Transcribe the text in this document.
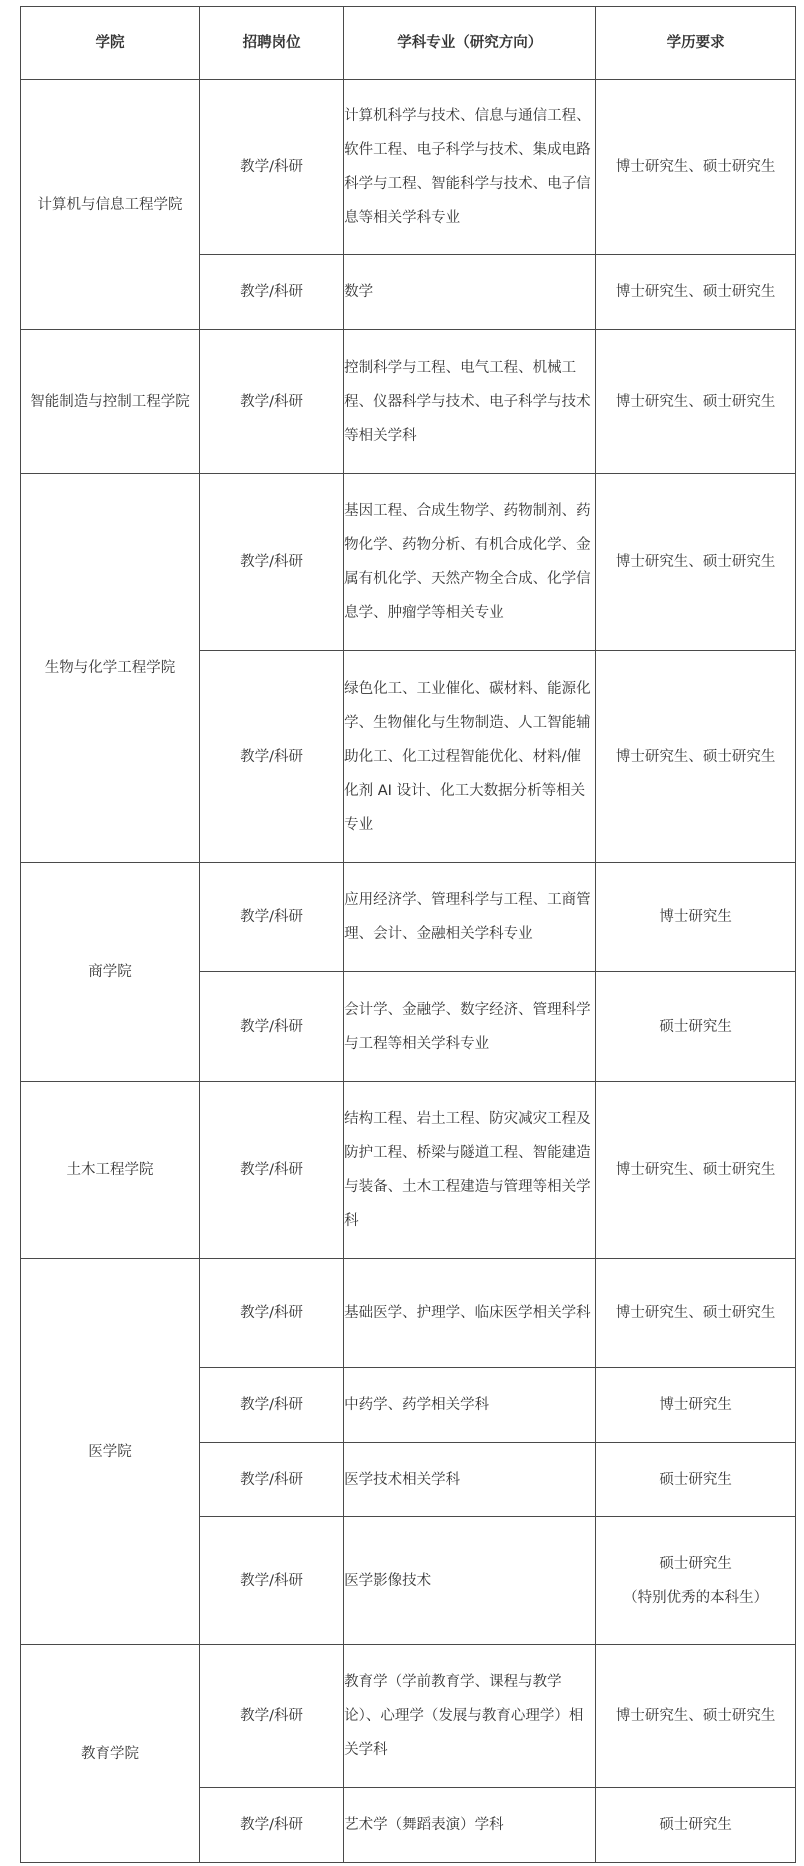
学院	招聘岗位	学科专业（研究方向）	学历要求
计算机与信息工程学院	教学/科研	计算机科学与技术、信息与通信工程、软件工程、电子科学与技术、集成电路科学与工程、智能科学与技术、电子信息等相关学科专业	博士研究生、硕士研究生
	教学/科研	数学	博士研究生、硕士研究生
智能制造与控制工程学院	教学/科研	控制科学与工程、电气工程、机械工程、仪器科学与技术、电子科学与技术等相关学科	博士研究生、硕士研究生
生物与化学工程学院	教学/科研	基因工程、合成生物学、药物制剂、药物化学、药物分析、有机合成化学、金属有机化学、天然产物全合成、化学信息学、肿瘤学等相关专业	博士研究生、硕士研究生
	教学/科研	绿色化工、工业催化、碳材料、能源化学、生物催化与生物制造、人工智能辅助化工、化工过程智能优化、材料/催化剂 AI 设计、化工大数据分析等相关专业	博士研究生、硕士研究生
商学院	教学/科研	应用经济学、管理科学与工程、工商管理、会计、金融相关学科专业	博士研究生
	教学/科研	会计学、金融学、数字经济、管理科学与工程等相关学科专业	硕士研究生
土木工程学院	教学/科研	结构工程、岩土工程、防灾减灾工程及防护工程、桥梁与隧道工程、智能建造与装备、土木工程建造与管理等相关学科	博士研究生、硕士研究生
医学院	教学/科研	基础医学、护理学、临床医学相关学科	博士研究生、硕士研究生
	教学/科研	中药学、药学相关学科	博士研究生
	教学/科研	医学技术相关学科	硕士研究生
	教学/科研	医学影像技术	硕士研究生
（特别优秀的本科生）

教育学院	教学/科研	教育学（学前教育学、课程与教学论）、心理学（发展与教育心理学）相关学科	博士研究生、硕士研究生
	教学/科研	艺术学（舞蹈表演）学科	硕士研究生
